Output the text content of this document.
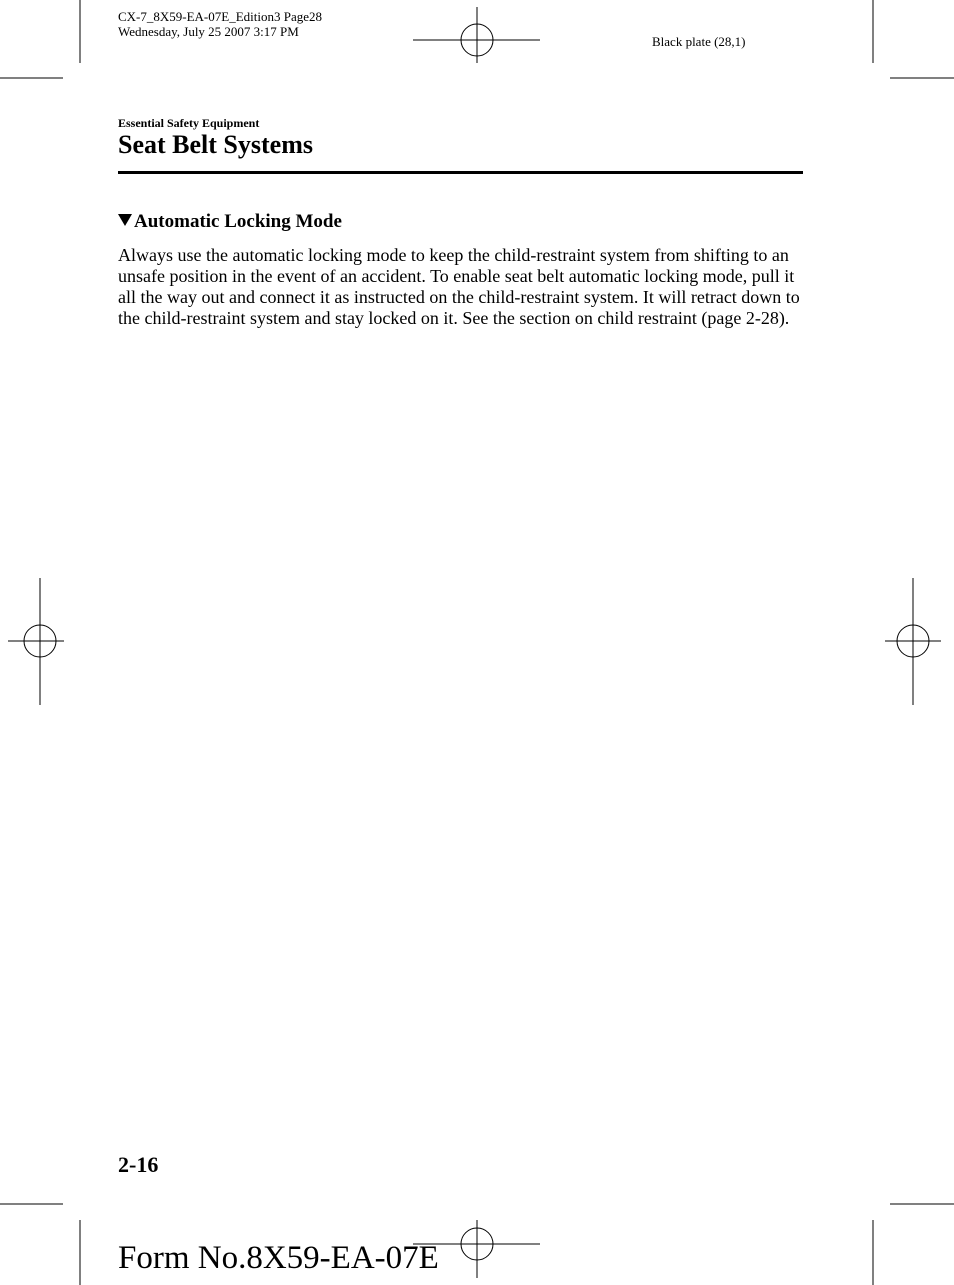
CX-7_8X59-EA-07E_Edition3 Page28
Wednesday, July 25 2007 3:17 PM
Black plate (28,1)
Essential Safety Equipment
Seat Belt Systems
Automatic Locking Mode
Always use the automatic locking mode to keep the child-restraint system from shifting to an unsafe position in the event of an accident. To enable seat belt automatic locking mode, pull it all the way out and connect it as instructed on the child-restraint system. It will retract down to the child-restraint system and stay locked on it. See the section on child restraint (page 2-28).
2-16
Form No.8X59-EA-07E
